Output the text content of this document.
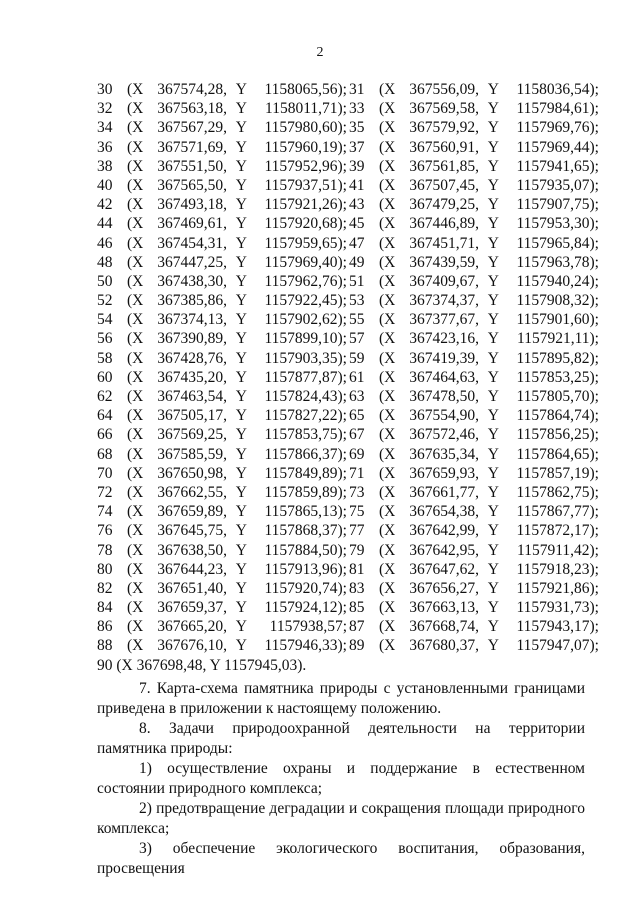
2
30 (X 367574,28, Y	1158065,56); 31 (X 367556,09, Y	1158036,54);
32 (X 367563,18, Y	1158011,71); 33 (X 367569,58, Y	1157984,61);
34 (X 367567,29, Y	1157980,60); 35 (X 367579,92, Y	1157969,76);
36 (X 367571,69, Y	1157960,19); 37 (X 367560,91, Y	1157969,44);
38 (X 367551,50, Y	1157952,96); 39 (X 367561,85, Y	1157941,65);
40 (X 367565,50, Y	1157937,51); 41 (X 367507,45, Y	1157935,07);
42 (X 367493,18, Y	1157921,26); 43 (X 367479,25, Y	1157907,75);
44 (X 367469,61, Y	1157920,68); 45 (X 367446,89, Y	1157953,30);
46 (X 367454,31, Y	1157959,65); 47 (X 367451,71, Y	1157965,84);
48 (X 367447,25, Y	1157969,40); 49 (X 367439,59, Y	1157963,78);
50 (X 367438,30, Y	1157962,76); 51 (X 367409,67, Y	1157940,24);
52 (X 367385,86, Y	1157922,45); 53 (X 367374,37, Y	1157908,32);
54 (X 367374,13, Y	1157902,62); 55 (X 367377,67, Y	1157901,60);
56 (X 367390,89, Y	1157899,10); 57 (X 367423,16, Y	1157921,11);
58 (X 367428,76, Y	1157903,35); 59 (X 367419,39, Y	1157895,82);
60 (X 367435,20, Y	1157877,87); 61 (X 367464,63, Y	1157853,25);
62 (X 367463,54, Y	1157824,43); 63 (X 367478,50, Y	1157805,70);
64 (X 367505,17, Y	1157827,22); 65 (X 367554,90, Y	1157864,74);
66 (X 367569,25, Y	1157853,75); 67 (X 367572,46, Y	1157856,25);
68 (X 367585,59, Y	1157866,37); 69 (X 367635,34, Y	1157864,65);
70 (X 367650,98, Y	1157849,89); 71 (X 367659,93, Y	1157857,19);
72 (X 367662,55, Y	1157859,89); 73 (X 367661,77, Y	1157862,75);
74 (X 367659,89, Y	1157865,13); 75 (X 367654,38, Y	1157867,77);
76 (X 367645,75, Y	1157868,37); 77 (X 367642,99, Y	1157872,17);
78 (X 367638,50, Y	1157884,50); 79 (X 367642,95, Y	1157911,42);
80 (X 367644,23, Y	1157913,96); 81 (X 367647,62, Y	1157918,23);
82 (X 367651,40, Y	1157920,74); 83 (X 367656,27, Y	1157921,86);
84 (X 367659,37, Y	1157924,12); 85 (X 367663,13, Y	1157931,73);
86 (X 367665,20, Y	1157938,57; 87 (X 367668,74, Y	1157943,17);
88 (X 367676,10, Y	1157946,33); 89 (X 367680,37, Y	1157947,07);
90 (X 367698,48, Y 1157945,03).
7. Карта-схема памятника природы с установленными границами приведена в приложении к настоящему положению.
8. Задачи природоохранной деятельности на территории памятника природы:
1) осуществление охраны и поддержание в естественном состоянии природного комплекса;
2) предотвращение деградации и сокращения площади природного комплекса;
3) обеспечение экологического воспитания, образования, просвещения
